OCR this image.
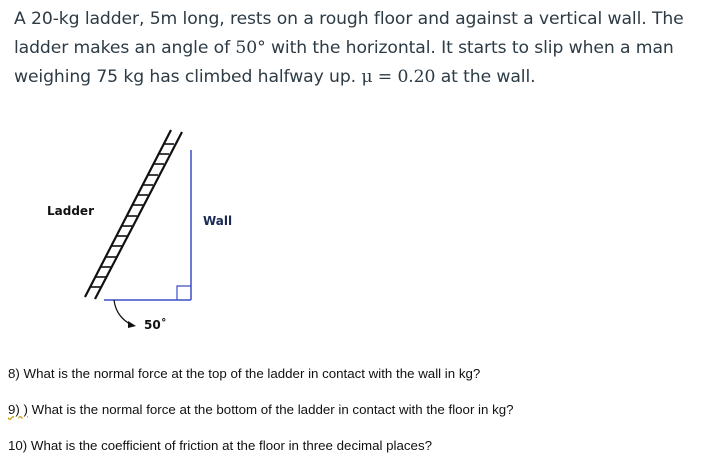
A 20-kg ladder, 5m long, rests on a rough floor and against a vertical wall. The ladder makes an angle of 50° with the horizontal. It starts to slip when a man weighing 75 kg has climbed halfway up. μ = 0.20 at the wall.
Ladder
Wall
50˚
8) What is the normal force at the top of the ladder in contact with the wall in kg?
9) ) What is the normal force at the bottom of the ladder in contact with the floor in kg?
10) What is the coefficient of friction at the floor in three decimal places?
